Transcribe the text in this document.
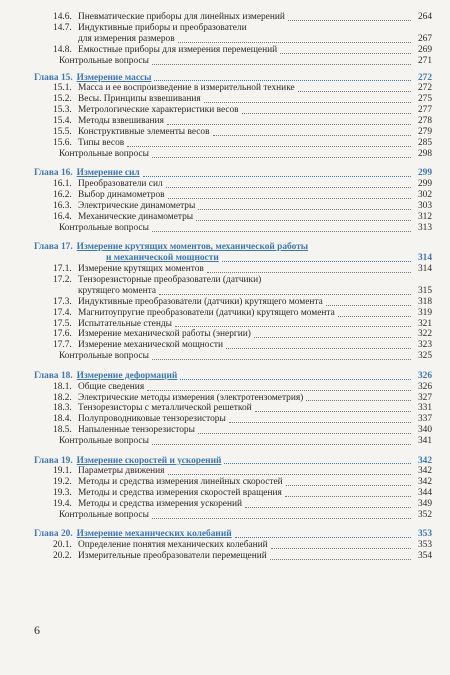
14.6. Пневматические приборы для линейных измерений	264
14.7. Индуктивные приборы и преобразователи
для измерения размеров	267
14.8. Емкостные приборы для измерения перемещений	269
Контрольные вопросы	271
Глава 15. Измерение массы	272
15.1. Масса и ее воспроизведение в измерительной технике	272
15.2. Весы. Принципы взвешивания	275
15.3. Метрологические характеристики весов	277
15.4. Методы взвешивания	278
15.5. Конструктивные элементы весов	279
15.6. Типы весов	285
Контрольные вопросы	298
Глава 16. Измерение сил	299
16.1. Преобразователи сил	299
16.2. Выбор динамометров	302
16.3. Электрические динамометры	303
16.4. Механические динамометры	312
Контрольные вопросы	313
Глава 17. Измерение крутящих моментов, механической работы
и механической мощности	314
17.1. Измерение крутящих моментов	314
17.2. Тензорезисторные преобразователи (датчики)
крутящего момента	315
17.3. Индуктивные преобразователи (датчики) крутящего момента	318
17.4. Магнитоупругие преобразователи (датчики) крутящего момента	319
17.5. Испытательные стенды	321
17.6. Измерение механической работы (энергии)	322
17.7. Измерение механической мощности	323
Контрольные вопросы	325
Глава 18. Измерение деформаций	326
18.1. Общие сведения	326
18.2. Электрические методы измерения (электротензометрия)	327
18.3. Тензорезисторы с металлической решеткой	331
18.4. Полупроводниковые тензорезисторы	337
18.5. Напыленные тензорезисторы	340
Контрольные вопросы	341
Глава 19. Измерение скоростей и ускорений	342
19.1. Параметры движения	342
19.2. Методы и средства измерения линейных скоростей	342
19.3. Методы и средства измерения скоростей вращения	344
19.4. Методы и средства измерения ускорений	349
Контрольные вопросы	352
Глава 20. Измерение механических колебаний	353
20.1. Определение понятия механических колебаний	353
20.2. Измерительные преобразователи перемещений	354
6
